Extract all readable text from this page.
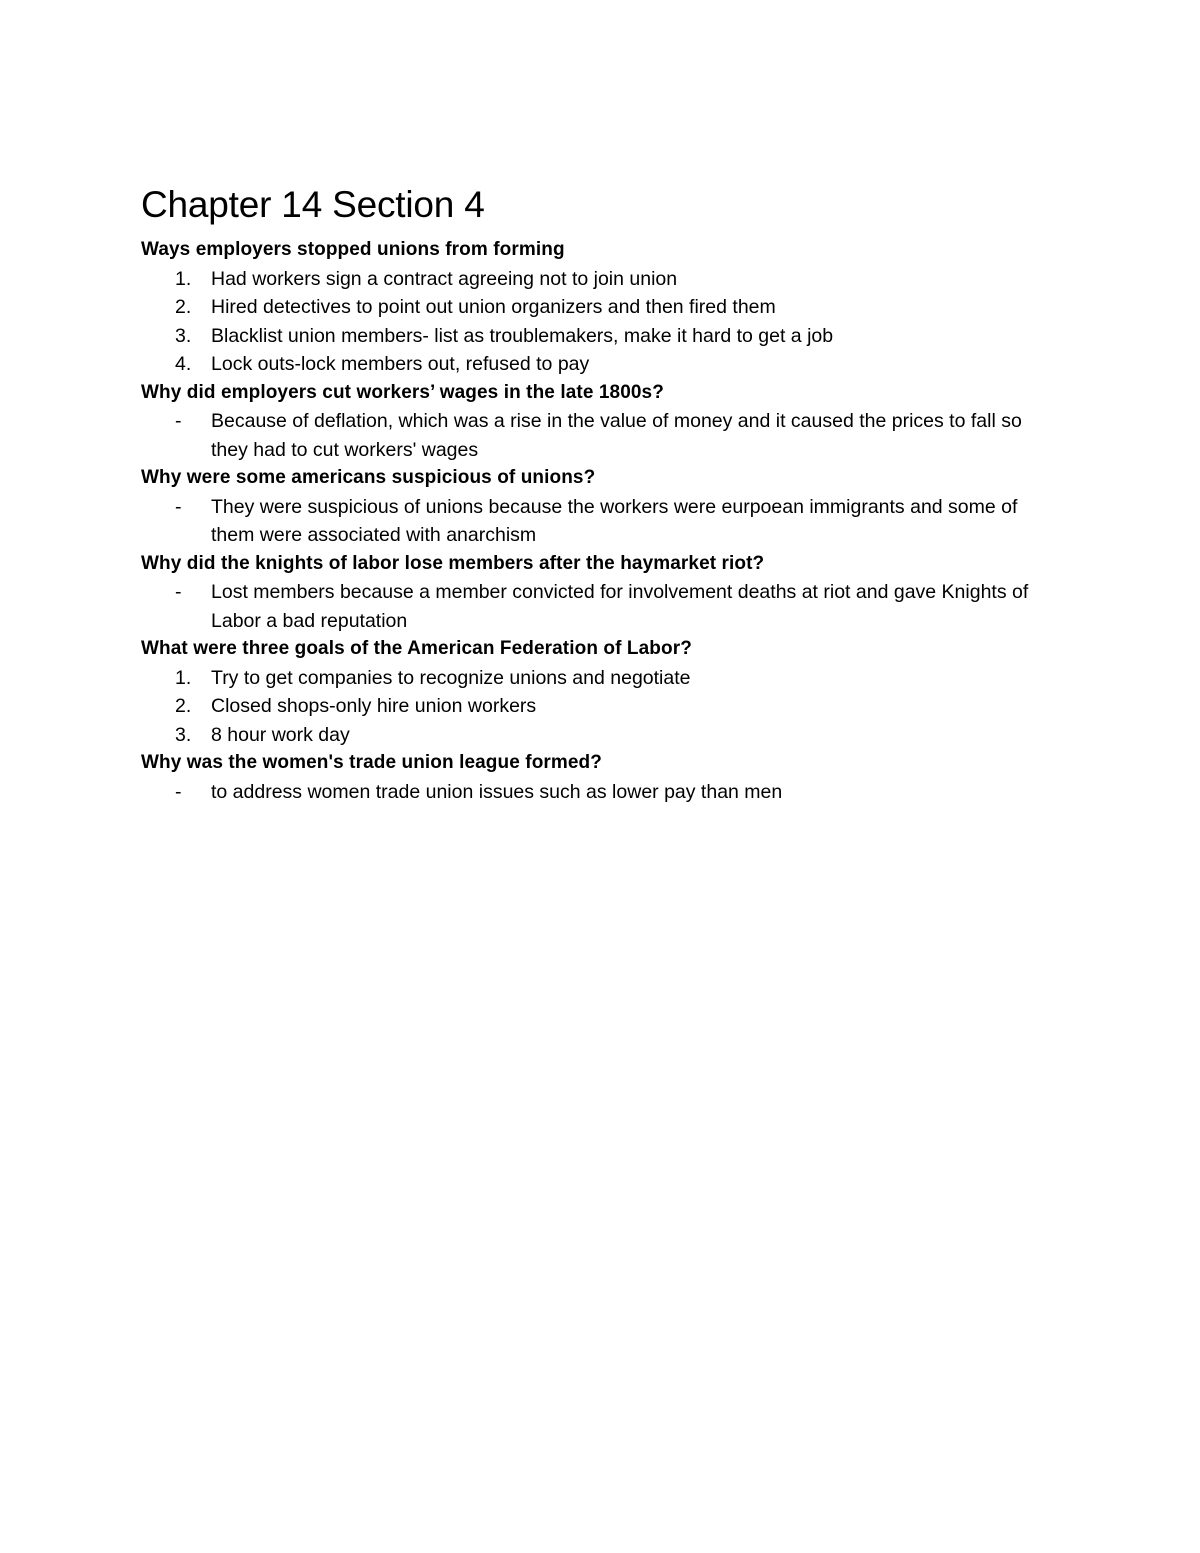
Chapter 14 Section 4
Ways employers stopped unions from forming
1.	Had workers sign a contract agreeing not to join union
2.	Hired detectives to point out union organizers and then fired them
3.	Blacklist union members- list as troublemakers, make it hard to get a job
4.	Lock outs-lock members out, refused to pay
Why did employers cut workers’ wages in the late 1800s?
-	Because of deflation, which was a rise in the value of money and it caused the prices to fall so they had to cut workers' wages
Why were some americans suspicious of unions?
-	They were suspicious of unions because the workers were eurpoean immigrants and some of them were associated with anarchism
Why did the knights of labor lose members after the haymarket riot?
-	Lost members because a member convicted for involvement deaths at riot and gave Knights of Labor a bad reputation
What were three goals of the American Federation of Labor?
1.	Try to get companies to recognize unions and negotiate
2.	Closed shops-only hire union workers
3.	8 hour work day
Why was the women's trade union league formed?
-	to address women trade union issues such as lower pay than men
